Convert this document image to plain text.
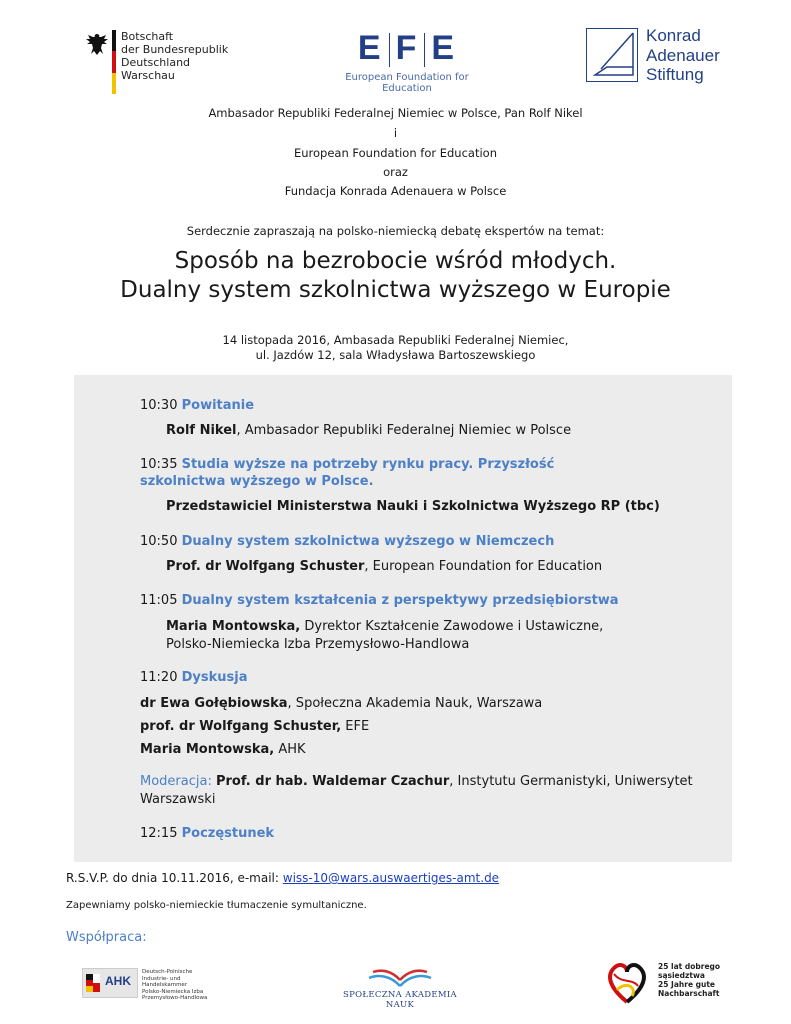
Botschaft
der Bundesrepublik Deutschland
Warschau
E F E
European Foundation for Education
Konrad
Adenauer
Stiftung
Ambasador Republiki Federalnej Niemiec w Polsce, Pan Rolf Nikel
i
European Foundation for Education
oraz
Fundacja Konrada Adenauera w Polsce
Serdecznie zapraszają na polsko-niemiecką debatę ekspertów na temat:
Sposób na bezrobocie wśród młodych.
Dualny system szkolnictwa wyższego w Europie
14 listopada 2016, Ambasada Republiki Federalnej Niemiec,
ul. Jazdów 12, sala Władysława Bartoszewskiego
10:30 Powitanie
Rolf Nikel, Ambasador Republiki Federalnej Niemiec w Polsce
10:35 Studia wyższe na potrzeby rynku pracy. Przyszłość
szkolnictwa wyższego w Polsce.
Przedstawiciel Ministerstwa Nauki i Szkolnictwa Wyższego RP (tbc)
10:50 Dualny system szkolnictwa wyższego w Niemczech
Prof. dr Wolfgang Schuster, European Foundation for Education
11:05 Dualny system kształcenia z perspektywy przedsiębiorstwa
Maria Montowska, Dyrektor Kształcenie Zawodowe i Ustawiczne,
Polsko-Niemiecka Izba Przemysłowo-Handlowa
11:20 Dyskusja
dr Ewa Gołębiowska, Społeczna Akademia Nauk, Warszawa
prof. dr Wolfgang Schuster, EFE
Maria Montowska, AHK
Moderacja: Prof. dr hab. Waldemar Czachur, Instytutu Germanistyki, Uniwersytet
Warszawski
12:15 Poczęstunek
R.S.V.P. do dnia 10.11.2016, e-mail: wiss-10@wars.auswaertiges-amt.de
Zapewniamy polsko-niemieckie tłumaczenie symultaniczne.
Współpraca:
AHK
Deutsch-Polnische
Industrie- und Handelskammer
Polsko-Niemiecka Izba
Przemysłowo-Handlowa	SPOŁECZNA AKADEMIA NAUK
25 lat dobrego
sąsiedztwa
25 Jahre gute
Nachbarschaft
